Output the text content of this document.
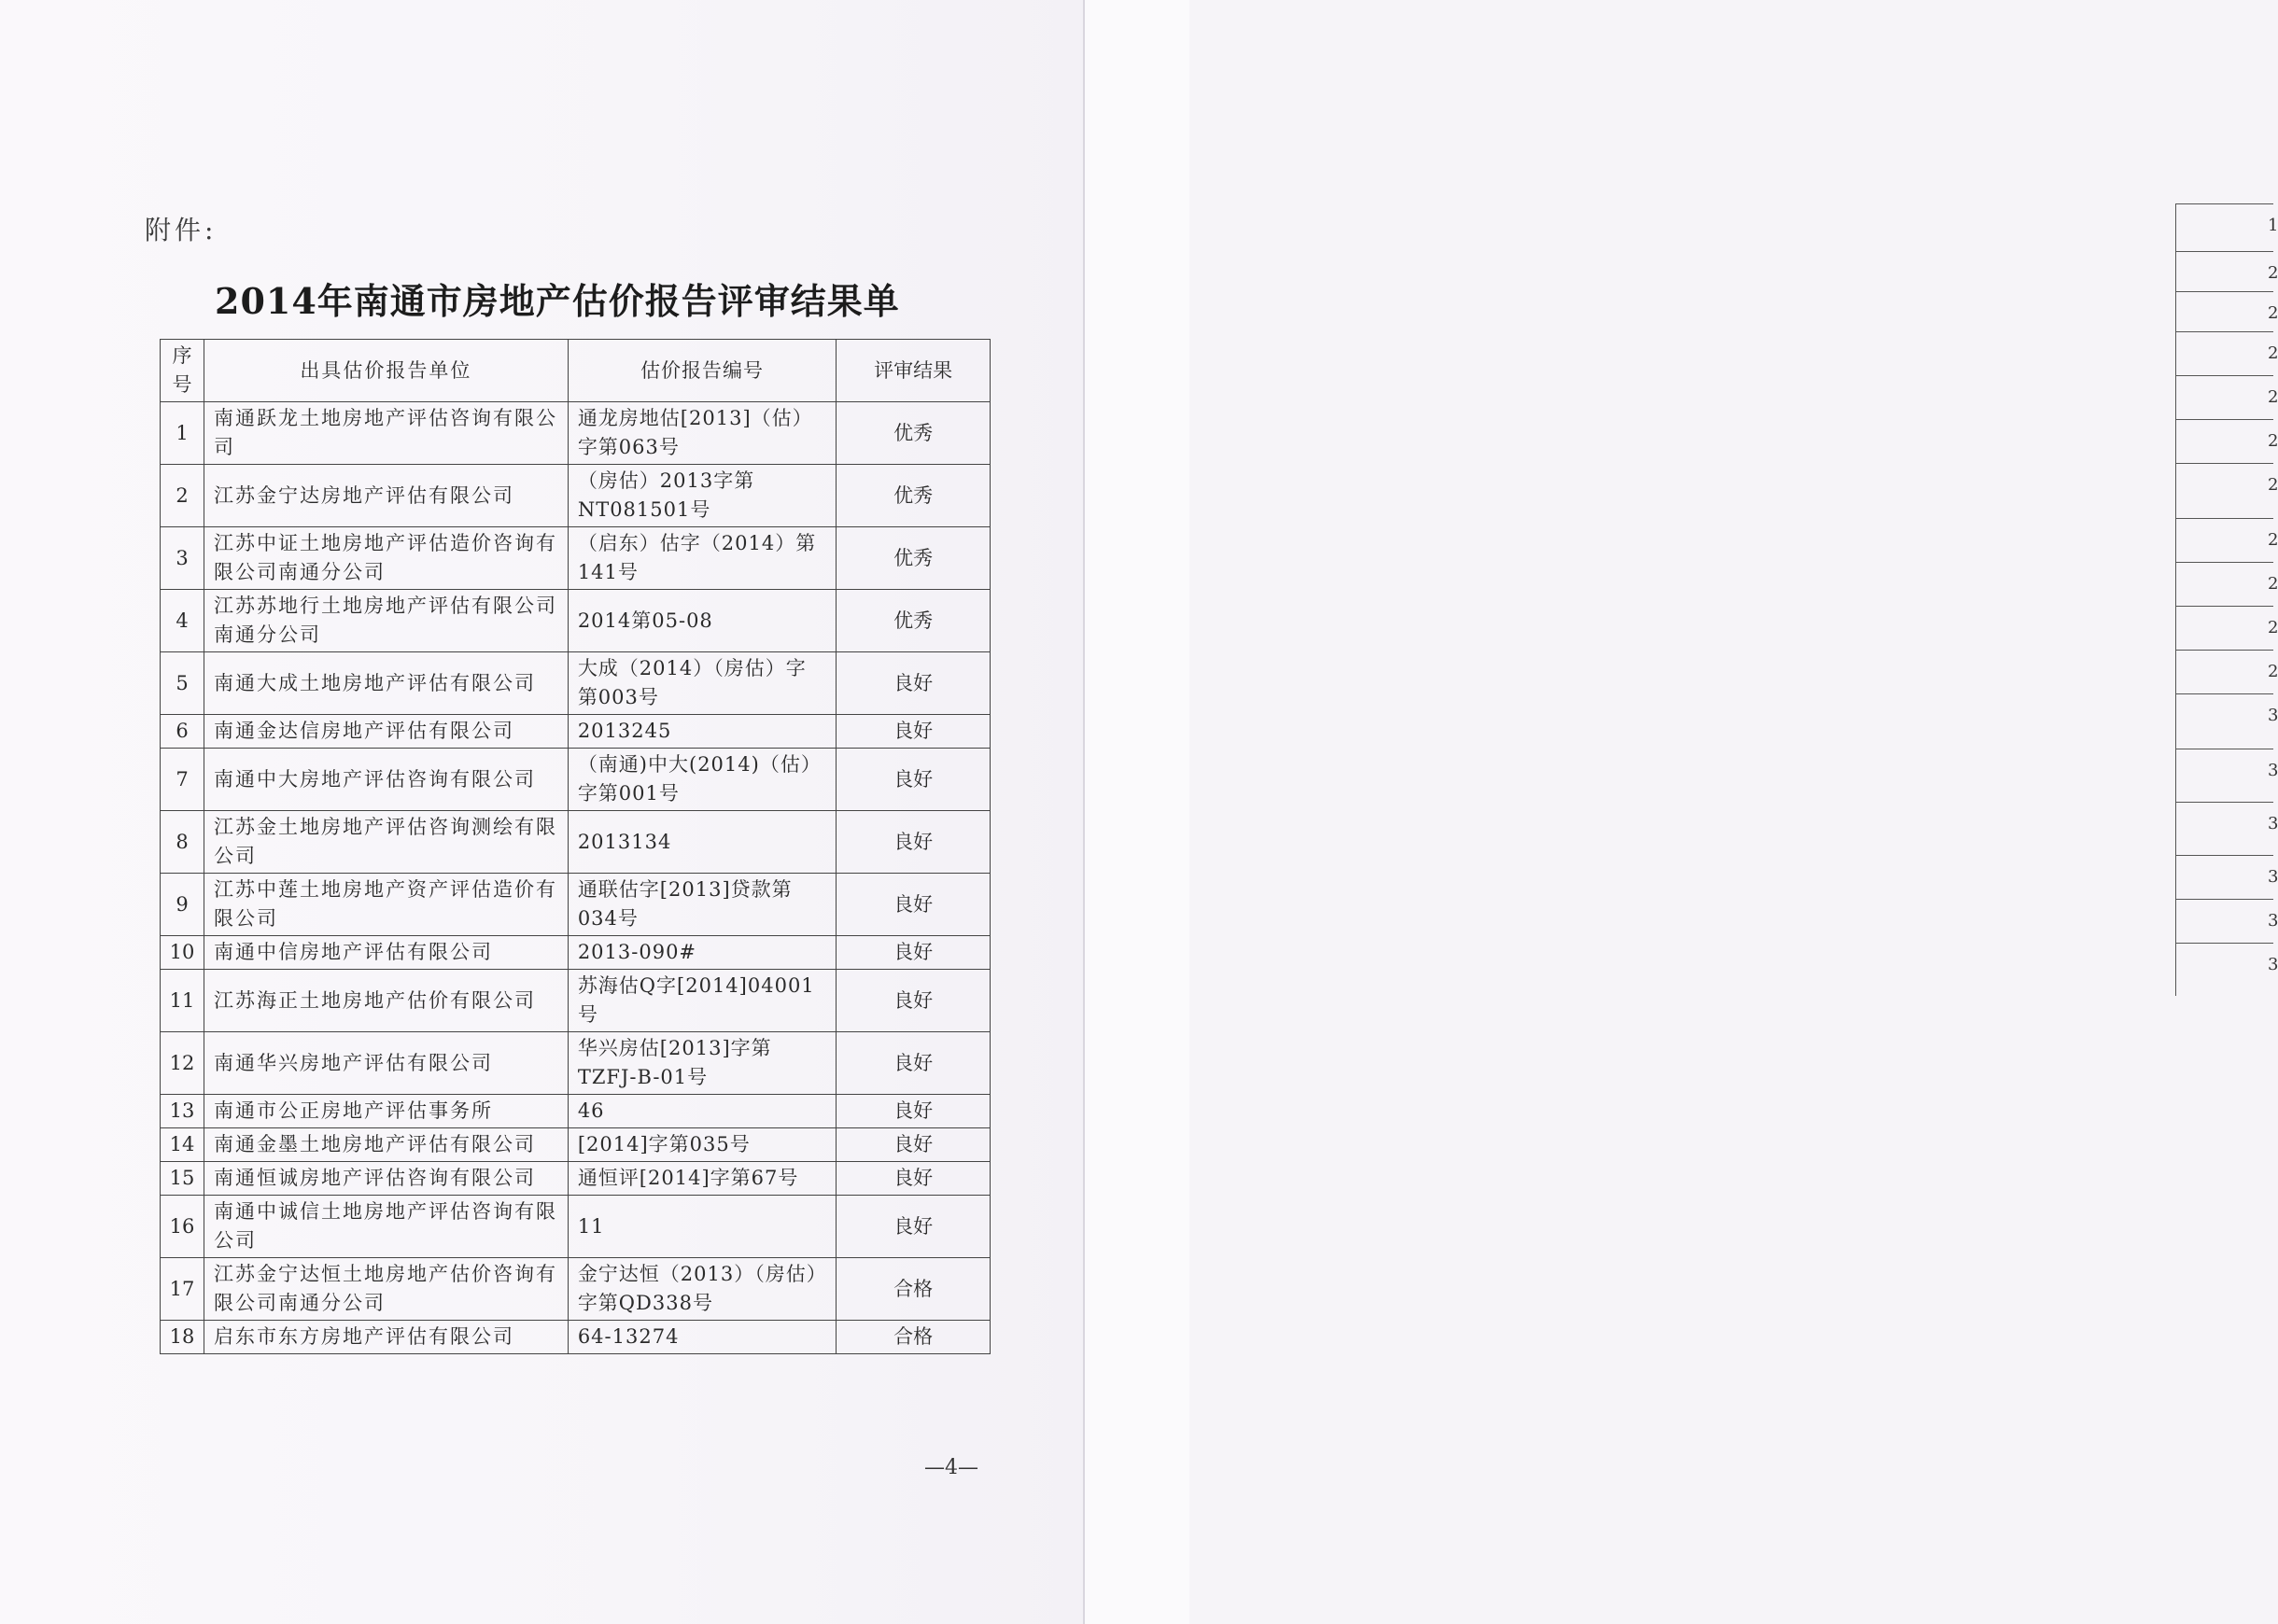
附件:
2014年南通市房地产估价报告评审结果单
序号	出具估价报告单位	估价报告编号	评审结果
1	南通跃龙土地房地产评估咨询有限公司	通龙房地估[2013]（估）字第063号	优秀
2	江苏金宁达房地产评估有限公司	（房估）2013字第NT081501号	优秀
3	江苏中证土地房地产评估造价咨询有限公司南通分公司	（启东）估字（2014）第141号	优秀
4	江苏苏地行土地房地产评估有限公司南通分公司	2014第05-08	优秀
5	南通大成土地房地产评估有限公司	大成（2014）（房估）字第003号	良好
6	南通金达信房地产评估有限公司	2013245	良好
7	南通中大房地产评估咨询有限公司	（南通)中大(2014)（估）字第001号	良好
8	江苏金土地房地产评估咨询测绘有限公司	2013134	良好
9	江苏中莲土地房地产资产评估造价有限公司	通联估字[2013]贷款第034号	良好
10	南通中信房地产评估有限公司	2013-090#	良好
11	江苏海正土地房地产估价有限公司	苏海估Q字[2014]04001号	良好
12	南通华兴房地产评估有限公司	华兴房估[2013]字第TZFJ-B-01号	良好
13	南通市公正房地产评估事务所	46	良好
14	南通金墨土地房地产评估有限公司	[2014]字第035号	良好
15	南通恒诚房地产评估咨询有限公司	通恒评[2014]字第67号	良好
16	南通中诚信土地房地产评估咨询有限公司	11	良好
17	江苏金宁达恒土地房地产估价咨询有限公司南通分公司	金宁达恒（2013）（房估）字第QD338号	合格
18	启东市东方房地产评估有限公司	64-13274	合格
—4—
1
2
2
2
2
2
2
2
2
2
2
3
3
3
3
3
3
